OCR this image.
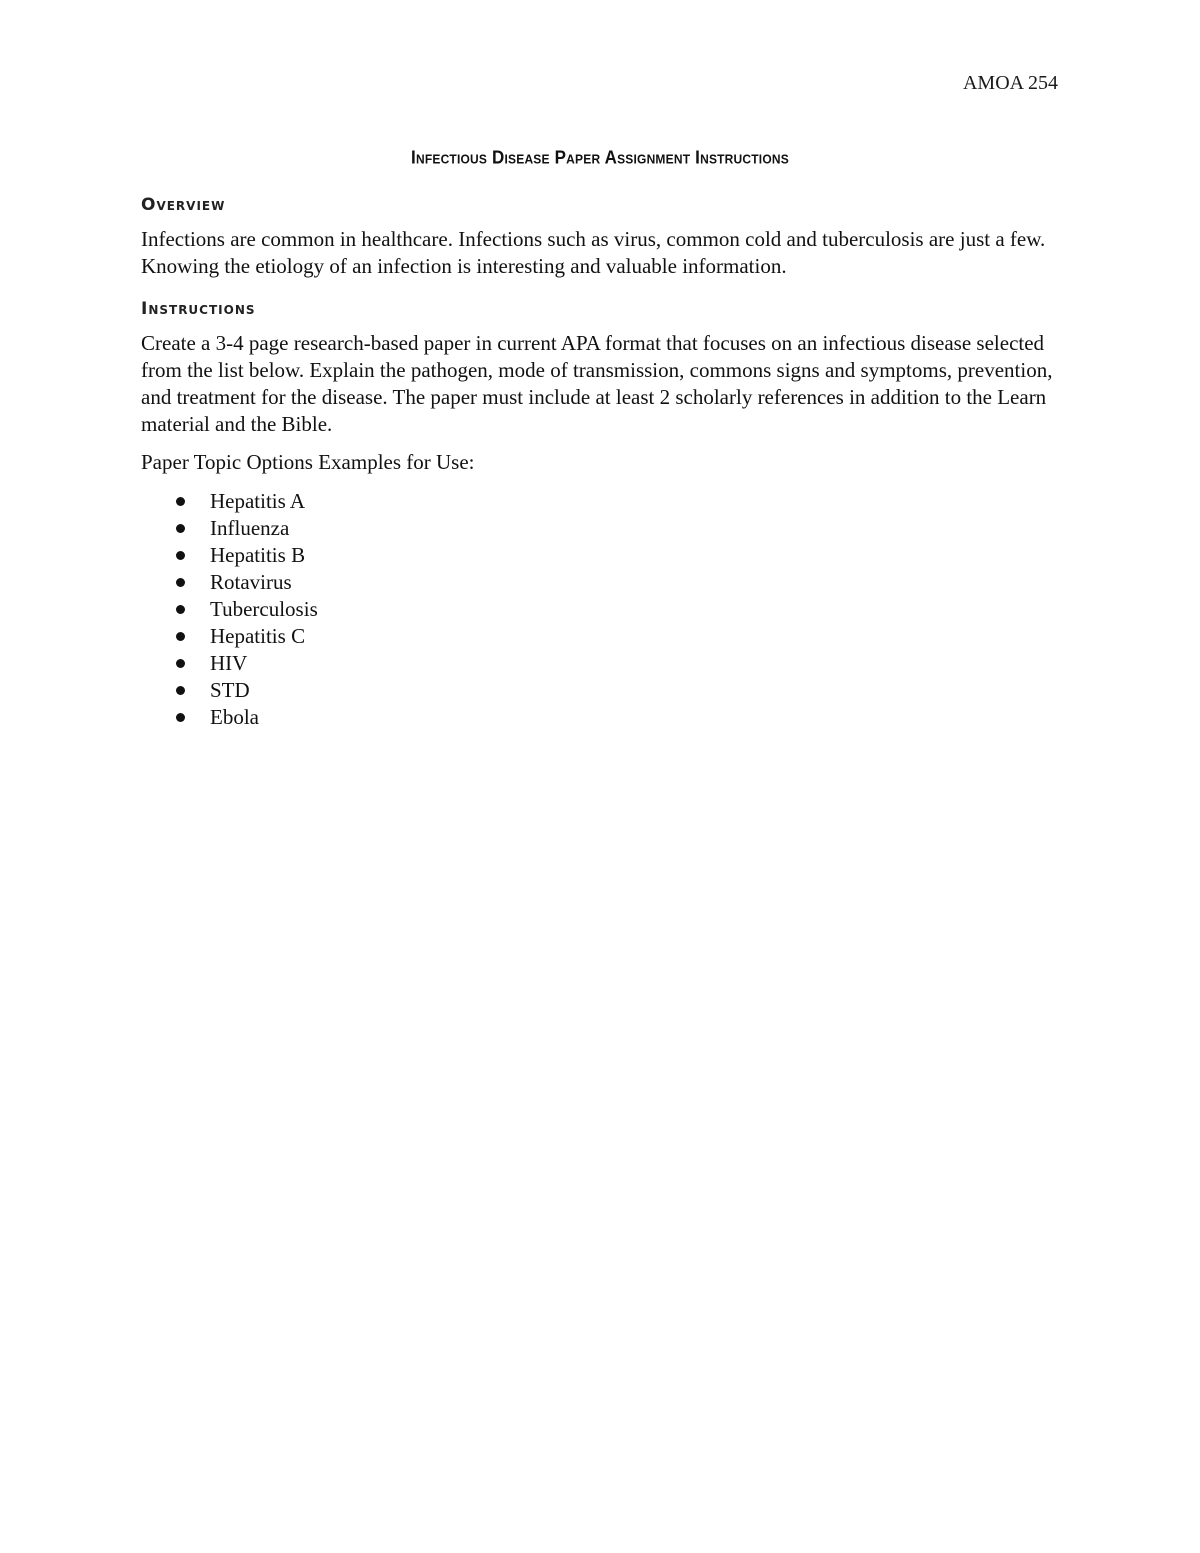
AMOA 254
Infectious Disease Paper Assignment Instructions
Overview

Infections are common in healthcare. Infections such as virus, common cold and tuberculosis are just a few. Knowing the etiology of an infection is interesting and valuable information.

Instructions

Create a 3-4 page research-based paper in current APA format that focuses on an infectious disease selected from the list below. Explain the pathogen, mode of transmission, commons signs and symptoms, prevention, and treatment for the disease. The paper must include at least 2 scholarly references in addition to the Learn material and the Bible.

Paper Topic Options Examples for Use:

Hepatitis A
Influenza
Hepatitis B
Rotavirus
Tuberculosis
Hepatitis C
HIV
STD
Ebola
